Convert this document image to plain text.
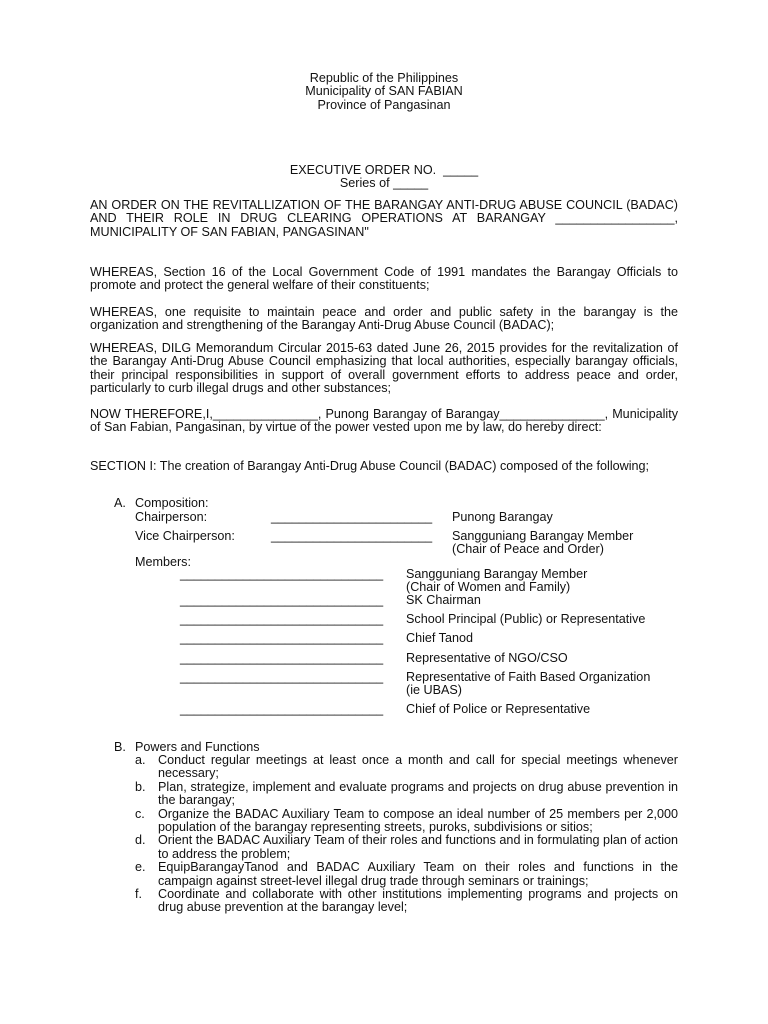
Republic of the Philippines
Municipality of SAN FABIAN
Province of Pangasinan
EXECUTIVE ORDER NO.  _____
Series of _____
AN ORDER ON THE REVITALLIZATION OF THE BARANGAY ANTI-DRUG ABUSE COUNCIL (BADAC) AND THEIR ROLE IN DRUG CLEARING OPERATIONS AT BARANGAY _________________, MUNICIPALITY OF SAN FABIAN, PANGASINAN"
WHEREAS, Section 16 of the Local Government Code of 1991 mandates the Barangay Officials to promote and protect the general welfare of their constituents;
WHEREAS, one requisite to maintain peace and order and public safety in the barangay is the organization and strengthening of the Barangay Anti-Drug Abuse Council (BADAC);
WHEREAS, DILG Memorandum Circular 2015-63 dated June 26, 2015 provides for the revitalization of the Barangay Anti-Drug Abuse Council emphasizing that local authorities, especially barangay officials, their principal responsibilities in support of overall government efforts to address peace and order, particularly to curb illegal drugs and other substances;
NOW THEREFORE,I,_______________, Punong Barangay of Barangay_______________, Municipality of San Fabian, Pangasinan, by virtue of the power vested upon me by law, do hereby direct:
SECTION I: The creation of Barangay Anti-Drug Abuse Council (BADAC) composed of the following;
A. Composition:
Chairperson:	_______________________ Punong Barangay
Vice Chairperson:	_______________________ Sangguniang Barangay Member
(Chair of Peace and Order)
Members:
_____________________________ Sangguniang Barangay Member
(Chair of Women and Family)
_____________________________ SK Chairman
_____________________________ School Principal (Public) or Representative
_____________________________ Chief Tanod
_____________________________ Representative of NGO/CSO
_____________________________ Representative of Faith Based Organization
(ie UBAS)
_____________________________ Chief of Police or Representative
B. Powers and Functions
a. Conduct regular meetings at least once a month and call for special meetings whenever necessary;
b. Plan, strategize, implement and evaluate programs and projects on drug abuse prevention in the barangay;
c. Organize the BADAC Auxiliary Team to compose an ideal number of 25 members per 2,000 population of the barangay representing streets, puroks, subdivisions or sitios;
d. Orient the BADAC Auxiliary Team of their roles and functions and in formulating plan of action to address the problem;
e. EquipBarangayTanod and BADAC Auxiliary Team on their roles and functions in the campaign against street-level illegal drug trade through seminars or trainings;
f. Coordinate and collaborate with other institutions implementing programs and projects on drug abuse prevention at the barangay level;
